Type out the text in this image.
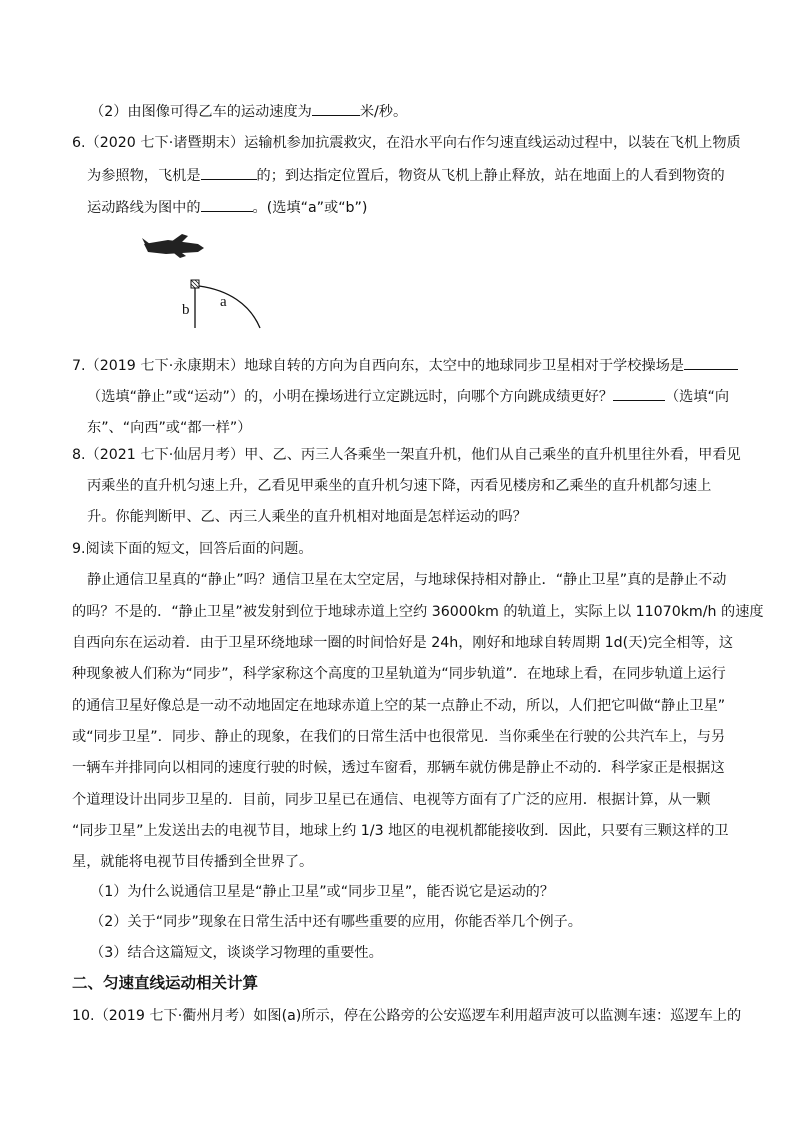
（2）由图像可得乙车的运动速度为	米/秒。
6.（2020 七下·诸暨期末）运输机参加抗震救灾，在沿水平向右作匀速直线运动过程中，以装在飞机上物质
为参照物，飞机是	的；到达指定位置后，物资从飞机上静止释放，站在地面上的人看到物资的
运动路线为图中的	。(选填“a”或“b”)
b a
7.（2019 七下·永康期末）地球自转的方向为自西向东，太空中的地球同步卫星相对于学校操场是
（选填“静止”或“运动”）的，小明在操场进行立定跳远时，向哪个方向跳成绩更好？	（选填“向
东”、“向西”或“都一样”）
8.（2021 七下·仙居月考）甲、乙、丙三人各乘坐一架直升机，他们从自己乘坐的直升机里往外看，甲看见
丙乘坐的直升机匀速上升，乙看见甲乘坐的直升机匀速下降，丙看见楼房和乙乘坐的直升机都匀速上
升。你能判断甲、乙、丙三人乘坐的直升机相对地面是怎样运动的吗？
9.阅读下面的短文，回答后面的问题。
静止通信卫星真的“静止”吗？通信卫星在太空定居，与地球保持相对静止．“静止卫星”真的是静止不动
的吗？不是的．“静止卫星”被发射到位于地球赤道上空约 36000km 的轨道上，实际上以 11070km/h 的速度
自西向东在运动着．由于卫星环绕地球一圈的时间恰好是 24h，刚好和地球自转周期 1d(天)完全相等，这
种现象被人们称为“同步”，科学家称这个高度的卫星轨道为“同步轨道”．在地球上看，在同步轨道上运行
的通信卫星好像总是一动不动地固定在地球赤道上空的某一点静止不动，所以，人们把它叫做“静止卫星”
或“同步卫星”．同步、静止的现象，在我们的日常生活中也很常见．当你乘坐在行驶的公共汽车上，与另
一辆车并排同向以相同的速度行驶的时候，透过车窗看，那辆车就仿佛是静止不动的．科学家正是根据这
个道理设计出同步卫星的．目前，同步卫星已在通信、电视等方面有了广泛的应用．根据计算，从一颗
“同步卫星”上发送出去的电视节目，地球上约 1/3 地区的电视机都能接收到．因此，只要有三颗这样的卫
星，就能将电视节目传播到全世界了。
（1）为什么说通信卫星是“静止卫星”或“同步卫星”，能否说它是运动的？
（2）关于“同步”现象在日常生活中还有哪些重要的应用，你能否举几个例子。
（3）结合这篇短文，谈谈学习物理的重要性。
二、匀速直线运动相关计算
10.（2019 七下·衢州月考）如图(a)所示，停在公路旁的公安巡逻车利用超声波可以监测车速：巡逻车上的
